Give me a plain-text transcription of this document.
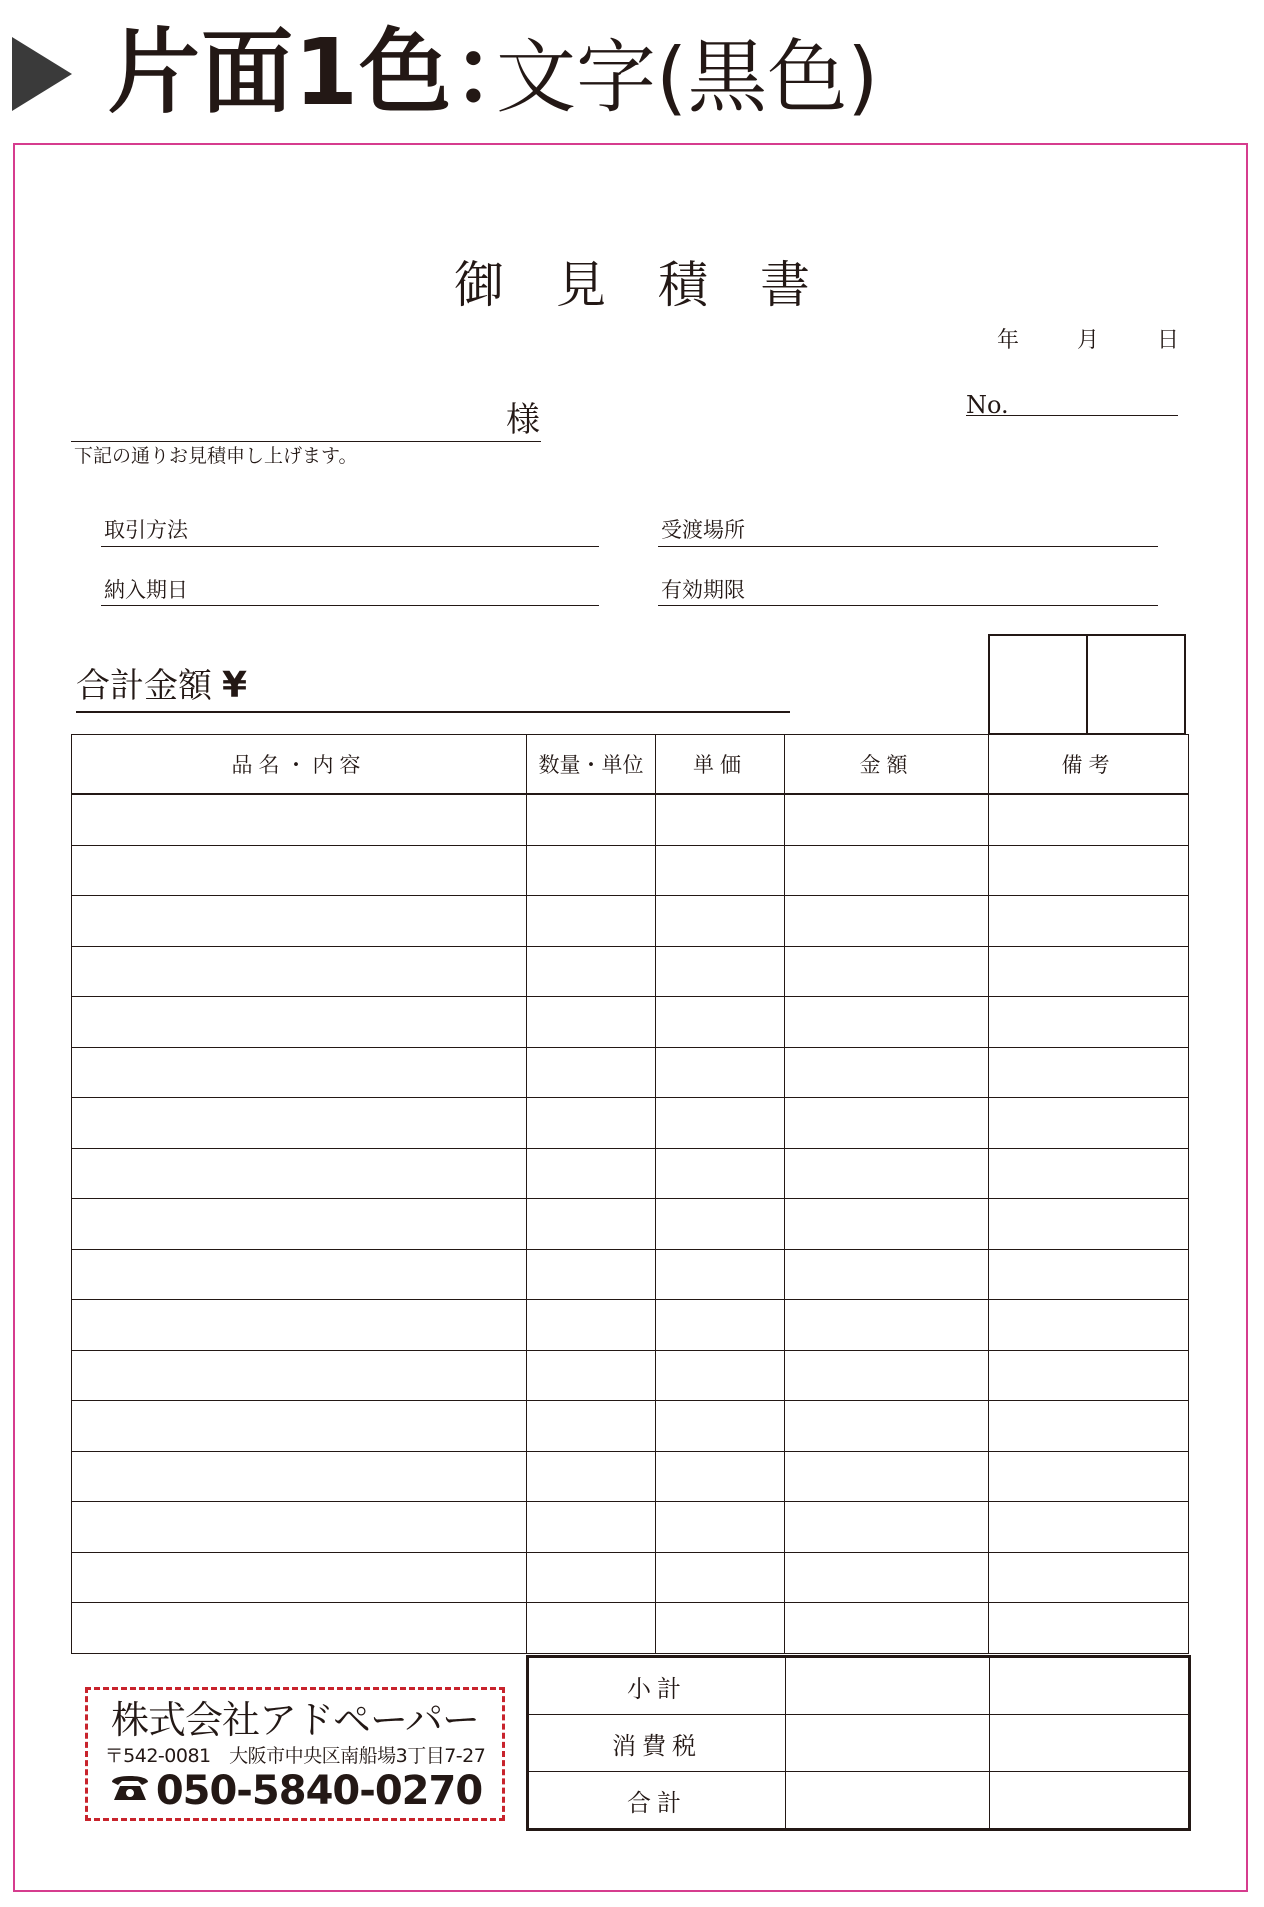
片面1色：
文字(黒色)
御見積書
年	月	日
様	No.
下記の通りお見積申し上げます。
取引方法	受渡場所
納入期日	有効期限
合計金額 ¥
品名・内容	数量・単位	単価	金額	備考

株式会社アドペーパー
〒542-0081　大阪市中央区南船場3丁目7-27
050-5840-0270
小計		
消費税		
合計		
